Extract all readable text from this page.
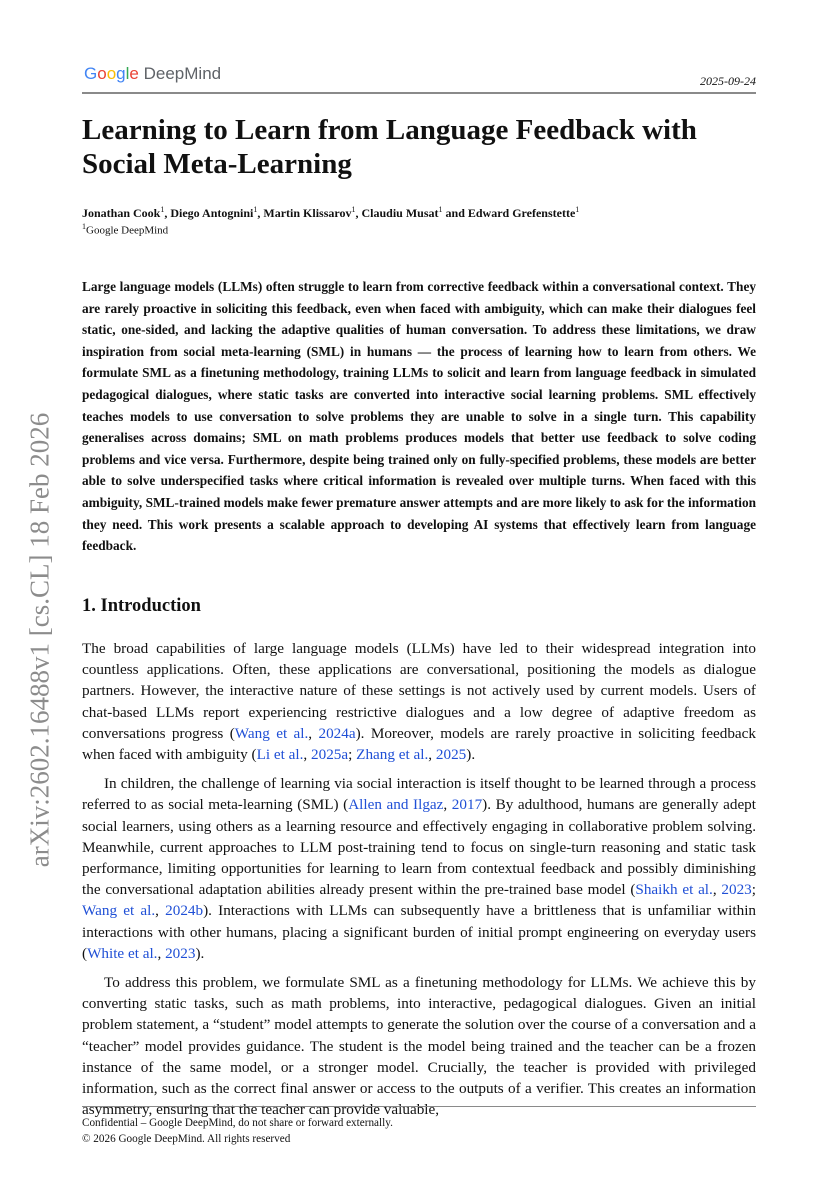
Google DeepMind	2025-09-24
arXiv:2602.16488v1 [cs.CL] 18 Feb 2026
Learning to Learn from Language Feedback with Social Meta-Learning
Jonathan Cook$^1$, Diego Antognini$^1$, Martin Klissarov$^1$, Claudiu Musat$^1$ and Edward Grefenstette$^1$
$^1$Google DeepMind

Large language models (LLMs) often struggle to learn from corrective feedback within a conversational context. They are rarely proactive in soliciting this feedback, even when faced with ambiguity, which can make their dialogues feel static, one-sided, and lacking the adaptive qualities of human conversation. To address these limitations, we draw inspiration from social meta-learning (SML) in humans — the process of learning how to learn from others. We formulate SML as a finetuning methodology, training LLMs to solicit and learn from language feedback in simulated pedagogical dialogues, where static tasks are converted into interactive social learning problems. SML effectively teaches models to use conversation to solve problems they are unable to solve in a single turn. This capability generalises across domains; SML on math problems produces models that better use feedback to solve coding problems and vice versa. Furthermore, despite being trained only on fully-specified problems, these models are better able to solve underspecified tasks where critical information is revealed over multiple turns. When faced with this ambiguity, SML-trained models make fewer premature answer attempts and are more likely to ask for the information they need. This work presents a scalable approach to developing AI systems that effectively learn from language feedback.

1. Introduction

The broad capabilities of large language models (LLMs) have led to their widespread integration into countless applications. Often, these applications are conversational, positioning the models as dialogue partners. However, the interactive nature of these settings is not actively used by current models. Users of chat-based LLMs report experiencing restrictive dialogues and a low degree of adaptive freedom as conversations progress (Wang et al., 2024a). Moreover, models are rarely proactive in soliciting feedback when faced with ambiguity (Li et al., 2025a; Zhang et al., 2025).

In children, the challenge of learning via social interaction is itself thought to be learned through a process referred to as social meta-learning (SML) (Allen and Ilgaz, 2017). By adulthood, humans are generally adept social learners, using others as a learning resource and effectively engaging in collaborative problem solving. Meanwhile, current approaches to LLM post-training tend to focus on single-turn reasoning and static task performance, limiting opportunities for learning to learn from contextual feedback and possibly diminishing the conversational adaptation abilities already present within the pre-trained base model (Shaikh et al., 2023; Wang et al., 2024b). Interactions with LLMs can subsequently have a brittleness that is unfamiliar within interactions with other humans, placing a significant burden of initial prompt engineering on everyday users (White et al., 2023).

To address this problem, we formulate SML as a finetuning methodology for LLMs. We achieve this by converting static tasks, such as math problems, into interactive, pedagogical dialogues. Given an initial problem statement, a “student” model attempts to generate the solution over the course of a conversation and a “teacher” model provides guidance. The student is the model being trained and the teacher can be a frozen instance of the same model, or a stronger model. Crucially, the teacher is provided with privileged information, such as the correct final answer or access to the outputs of a verifier. This creates an information asymmetry, ensuring that the teacher can provide valuable,

Confidential – Google DeepMind, do not share or forward externally.
© 2026 Google DeepMind. All rights reserved
